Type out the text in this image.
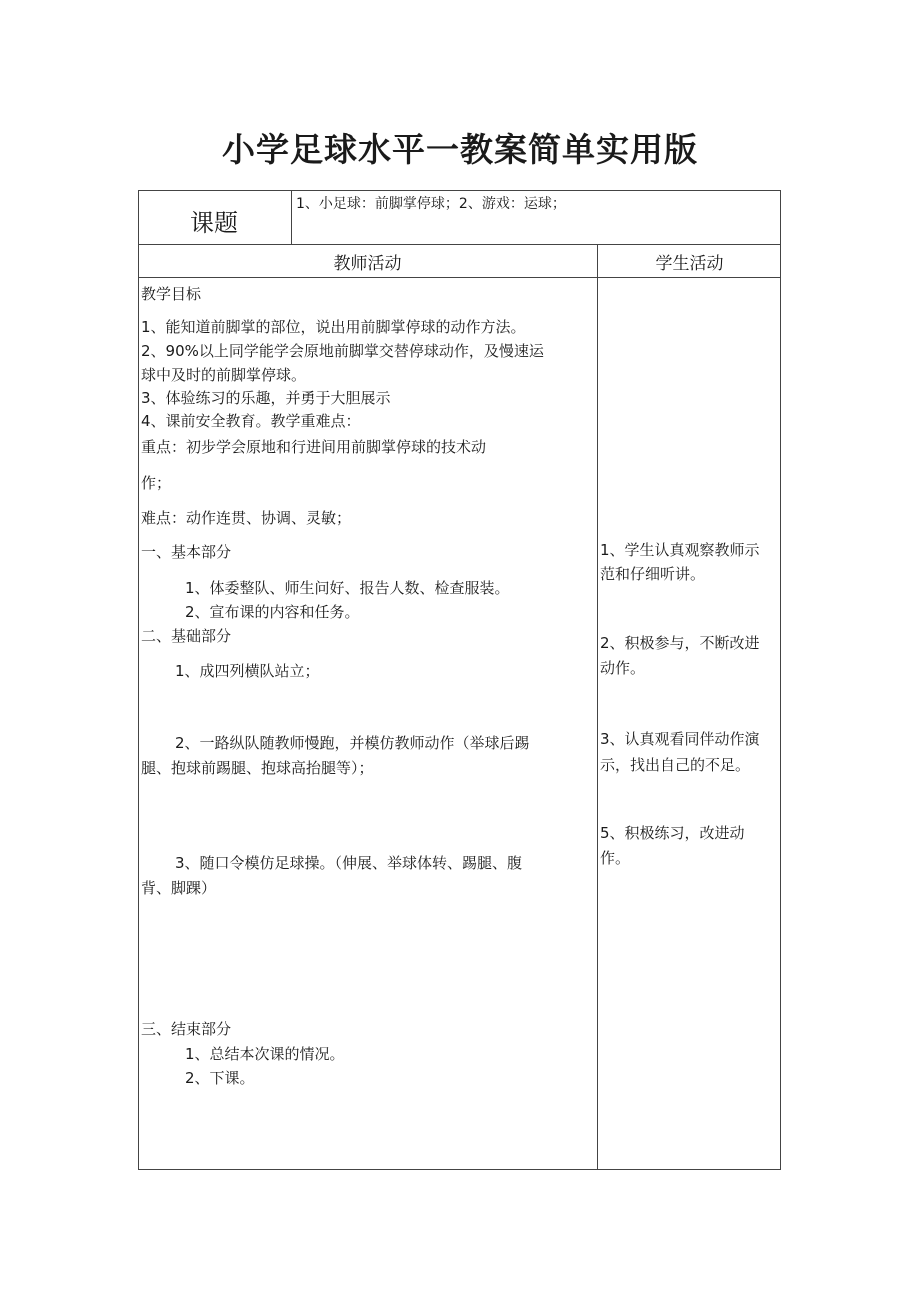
小学足球水平一教案简单实用版
课题
1、小足球：前脚掌停球；2、游戏：运球；
教师活动	学生活动
教学目标
1、能知道前脚掌的部位，说出用前脚掌停球的动作方法。
2、90%以上同学能学会原地前脚掌交替停球动作，及慢速运
球中及时的前脚掌停球。
3、体验练习的乐趣，并勇于大胆展示
4、课前安全教育。教学重难点：
重点：初步学会原地和行进间用前脚掌停球的技术动
作；
难点：动作连贯、协调、灵敏；
一、基本部分
1、体委整队、师生问好、报告人数、检查服装。
2、宣布课的内容和任务。
二、基础部分
1、成四列横队站立；
2、一路纵队随教师慢跑，并模仿教师动作（举球后踢
腿、抱球前踢腿、抱球高抬腿等）；
3、随口令模仿足球操。（伸展、举球体转、踢腿、腹
背、脚踝）
三、结束部分
1、总结本次课的情况。
2、下课。
1、学生认真观察教师示
范和仔细听讲。
2、积极参与，不断改进
动作。
3、认真观看同伴动作演
示，找出自己的不足。
5、积极练习，改进动
作。
